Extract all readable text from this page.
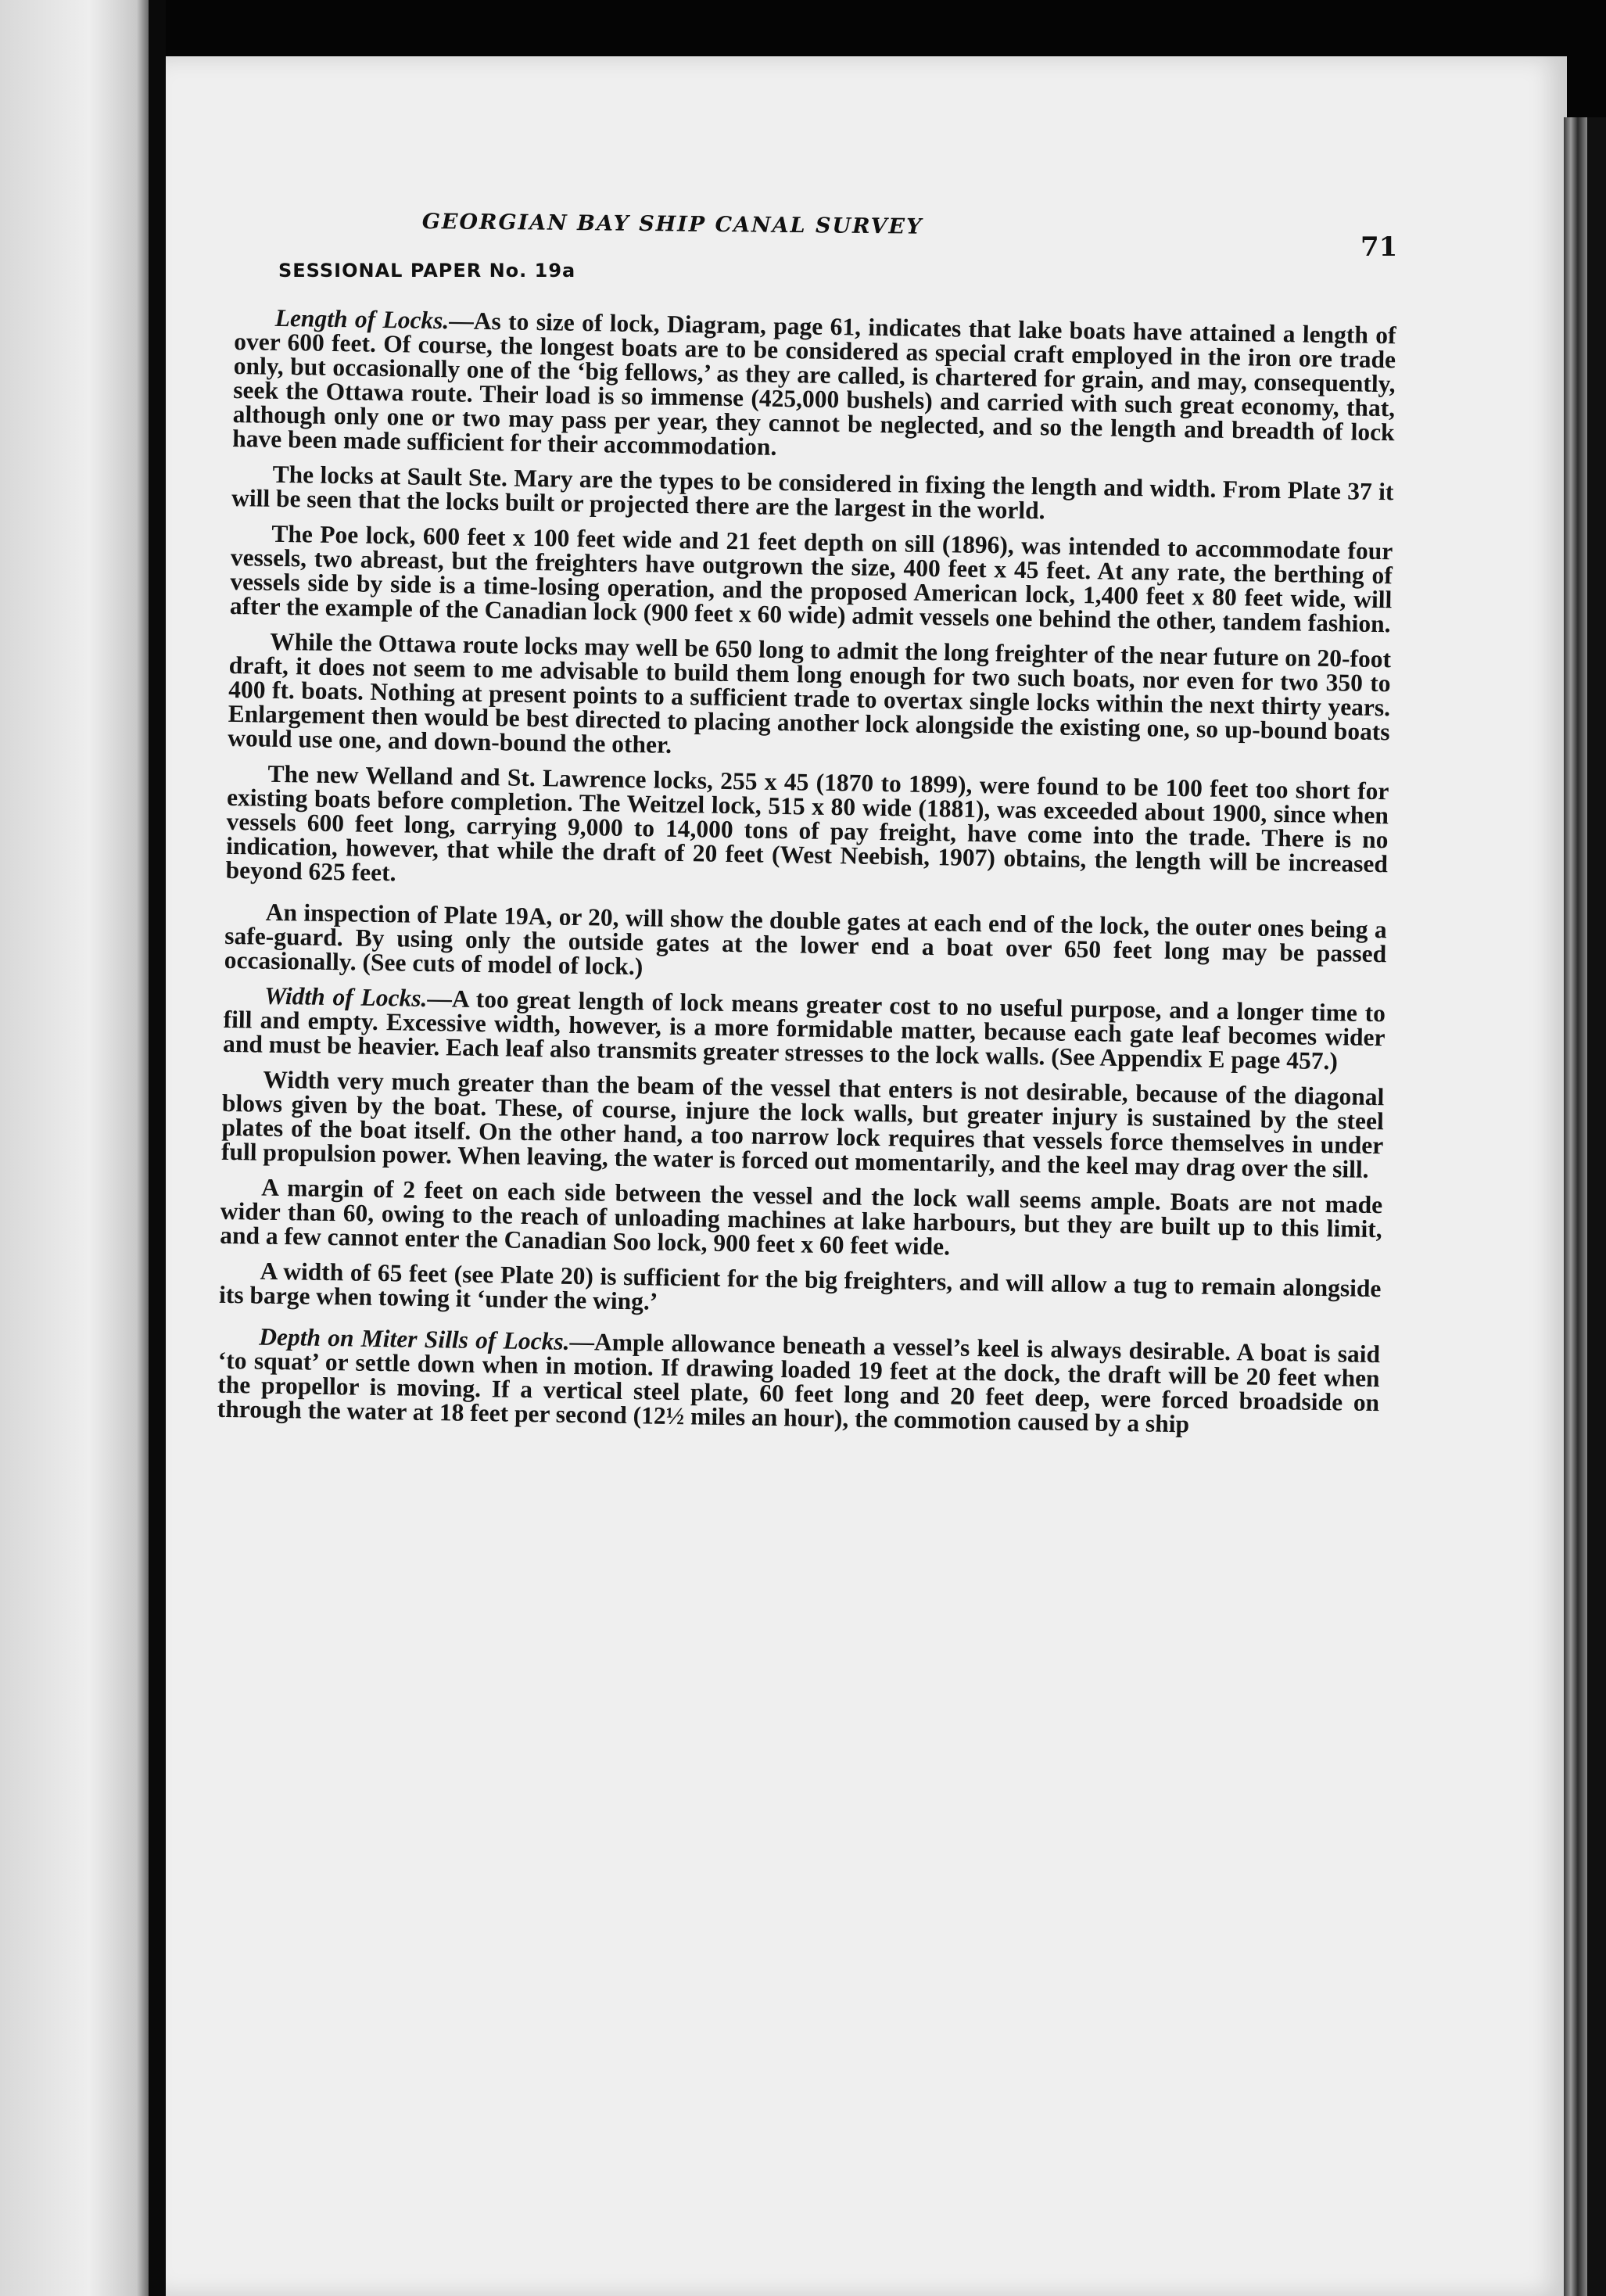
GEORGIAN BAY SHIP CANAL SURVEY
71
SESSIONAL PAPER No. 19a

Length of Locks.—As to size of lock, Diagram, page 61, indicates that lake boats have attained a length of over 600 feet. Of course, the longest boats are to be considered as special craft employed in the iron ore trade only, but occasionally one of the ‘big fellows,’ as they are called, is chartered for grain, and may, consequently, seek the Ottawa route. Their load is so immense (425,000 bushels) and carried with such great economy, that, although only one or two may pass per year, they cannot be neglected, and so the length and breadth of lock have been made sufficient for their accommodation.

The locks at Sault Ste. Mary are the types to be considered in fixing the length and width. From Plate 37 it will be seen that the locks built or projected there are the largest in the world.

The Poe lock, 600 feet x 100 feet wide and 21 feet depth on sill (1896), was intended to accommodate four vessels, two abreast, but the freighters have outgrown the size, 400 feet x 45 feet. At any rate, the berthing of vessels side by side is a time-losing operation, and the proposed American lock, 1,400 feet x 80 feet wide, will after the example of the Canadian lock (900 feet x 60 wide) admit vessels one behind the other, tandem fashion.

While the Ottawa route locks may well be 650 long to admit the long freighter of the near future on 20-foot draft, it does not seem to me advisable to build them long enough for two such boats, nor even for two 350 to 400 ft. boats. Nothing at present points to a sufficient trade to overtax single locks within the next thirty years. Enlargement then would be best directed to placing another lock alongside the existing one, so up-bound boats would use one, and down-bound the other.

The new Welland and St. Lawrence locks, 255 x 45 (1870 to 1899), were found to be 100 feet too short for existing boats before completion. The Weitzel lock, 515 x 80 wide (1881), was exceeded about 1900, since when vessels 600 feet long, carrying 9,000 to 14,000 tons of pay freight, have come into the trade. There is no indication, however, that while the draft of 20 feet (West Neebish, 1907) obtains, the length will be increased beyond 625 feet.

An inspection of Plate 19A, or 20, will show the double gates at each end of the lock, the outer ones being a safe-guard. By using only the outside gates at the lower end a boat over 650 feet long may be passed occasionally. (See cuts of model of lock.)

Width of Locks.—A too great length of lock means greater cost to no useful purpose, and a longer time to fill and empty. Excessive width, however, is a more formidable matter, because each gate leaf becomes wider and must be heavier. Each leaf also transmits greater stresses to the lock walls. (See Appendix E page 457.)

Width very much greater than the beam of the vessel that enters is not desirable, because of the diagonal blows given by the boat. These, of course, injure the lock walls, but greater injury is sustained by the steel plates of the boat itself. On the other hand, a too narrow lock requires that vessels force themselves in under full propulsion power. When leaving, the water is forced out momentarily, and the keel may drag over the sill.

A margin of 2 feet on each side between the vessel and the lock wall seems ample. Boats are not made wider than 60, owing to the reach of unloading machines at lake harbours, but they are built up to this limit, and a few cannot enter the Canadian Soo lock, 900 feet x 60 feet wide.

A width of 65 feet (see Plate 20) is sufficient for the big freighters, and will allow a tug to remain alongside its barge when towing it ‘under the wing.’

Depth on Miter Sills of Locks.—Ample allowance beneath a vessel’s keel is always desirable. A boat is said ‘to squat’ or settle down when in motion. If drawing loaded 19 feet at the dock, the draft will be 20 feet when the propellor is moving. If a vertical steel plate, 60 feet long and 20 feet deep, were forced broadside on through the water at 18 feet per second (12½ miles an hour), the commotion caused by a ship
